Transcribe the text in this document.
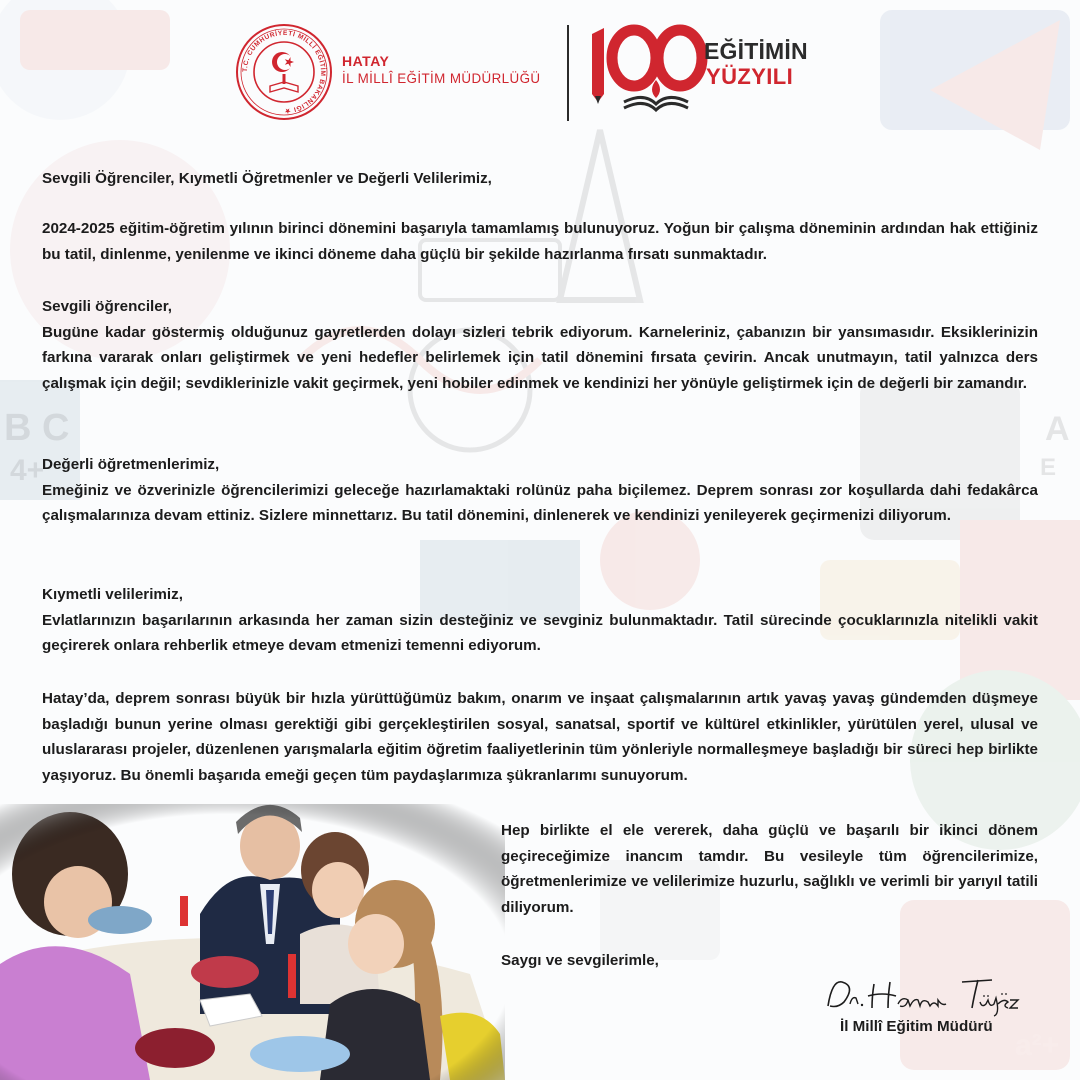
B C
4+
A
E
a²+
T.C. CUMHURİYETİ MİLLÎ EĞİTİM BAKANLIĞI ★
HATAY
İL MİLLÎ EĞİTİM MÜDÜRLÜĞÜ
EĞİTİMİN
YÜZYILI

Sevgili Öğrenciler, Kıymetli Öğretmenler ve Değerli Velilerimiz,

2024-2025 eğitim-öğretim yılının birinci dönemini başarıyla tamamlamış bulunuyoruz. Yoğun bir çalışma döneminin ardından hak ettiğiniz bu tatil, dinlenme, yenilenme ve ikinci döneme daha güçlü bir şekilde hazırlanma fırsatı sunmaktadır.

Sevgili öğrenciler,
Bugüne kadar göstermiş olduğunuz gayretlerden dolayı sizleri tebrik ediyorum. Karneleriniz, çabanızın bir yansımasıdır. Eksiklerinizin farkına vararak onları geliştirmek ve yeni hedefler belirlemek için tatil dönemini fırsata çevirin. Ancak unutmayın, tatil yalnızca ders çalışmak için değil; sevdiklerinizle vakit geçirmek, yeni hobiler edinmek ve kendinizi her yönüyle geliştirmek için de değerli bir zamandır.

Değerli öğretmenlerimiz,
Emeğiniz ve özverinizle öğrencilerimizi geleceğe hazırlamaktaki rolünüz paha biçilemez. Deprem sonrası zor koşullarda dahi fedakârca çalışmalarınıza devam ettiniz. Sizlere minnettarız. Bu tatil dönemini, dinlenerek ve kendinizi yenileyerek geçirmenizi diliyorum.

Kıymetli velilerimiz,
Evlatlarınızın başarılarının arkasında her zaman sizin desteğiniz ve sevginiz bulunmaktadır. Tatil sürecinde çocuklarınızla nitelikli vakit geçirerek onlara rehberlik etmeye devam etmenizi temenni ediyorum.

Hatay’da, deprem sonrası büyük bir hızla yürüttüğümüz bakım, onarım ve inşaat çalışmalarının artık yavaş yavaş gündemden düşmeye başladığı bunun yerine olması gerektiği gibi gerçekleştirilen sosyal, sanatsal, sportif ve kültürel etkinlikler, yürütülen yerel, ulusal ve uluslararası projeler, düzenlenen yarışmalarla eğitim öğretim faaliyetlerinin tüm yönleriyle normalleşmeye başladığı bir süreci hep birlikte yaşıyoruz. Bu önemli başarıda emeği geçen tüm paydaşlarımıza şükranlarımı sunuyorum.

Hep birlikte el ele vererek, daha güçlü ve başarılı bir ikinci dönem geçireceğimize inancım tamdır. Bu vesileyle tüm öğrencilerimize, öğretmenlerimize ve velilerimize huzurlu, sağlıklı ve verimli bir yarıyıl tatili diliyorum.

Saygı ve sevgilerimle,

İl Millî Eğitim Müdürü
